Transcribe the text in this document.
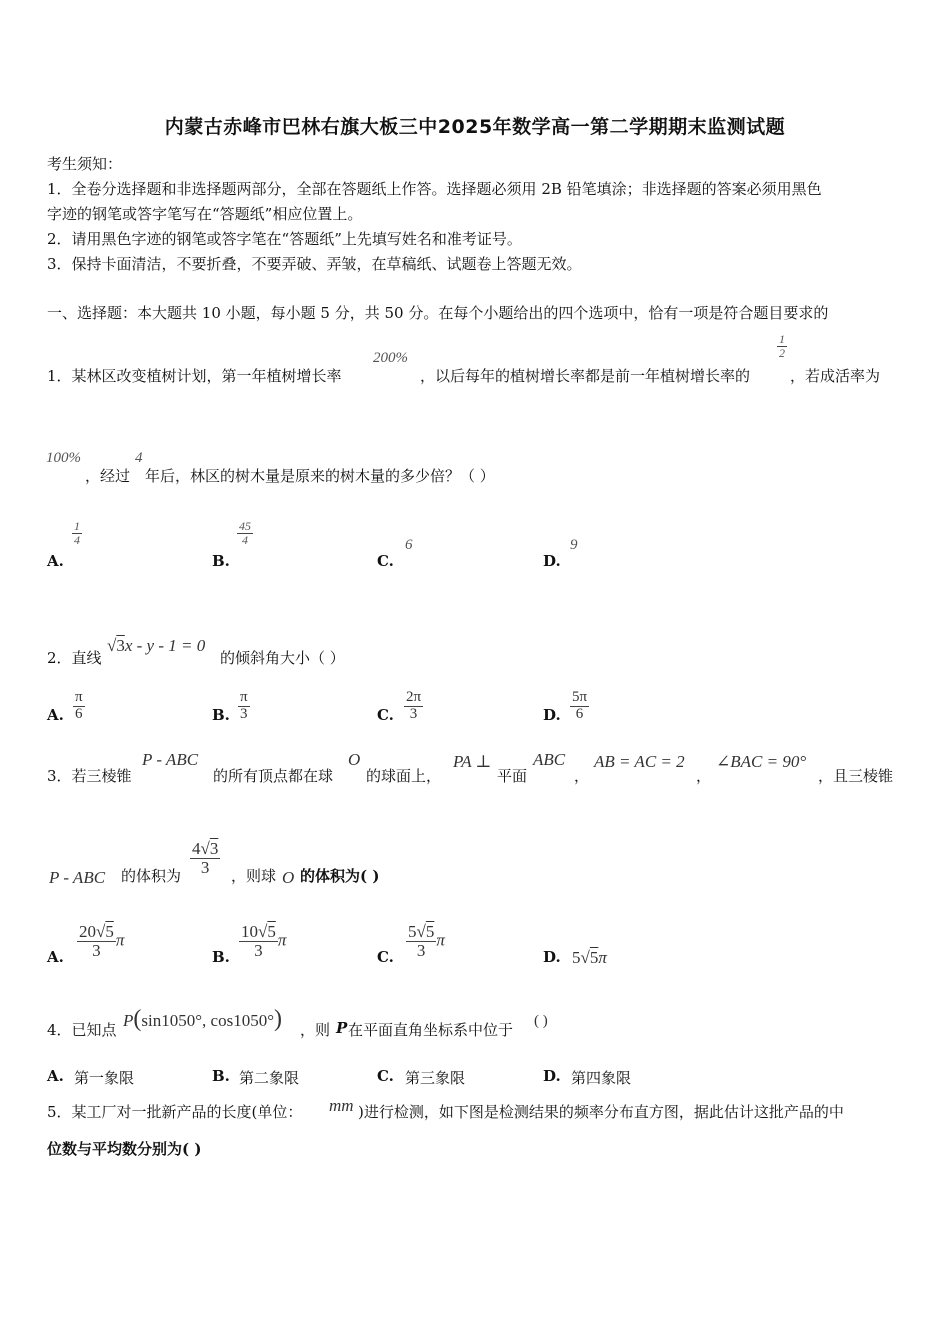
内蒙古赤峰市巴林右旗大板三中2025年数学高一第二学期期末监测试题
考生须知：
1．全卷分选择题和非选择题两部分，全部在答题纸上作答。选择题必须用 2B 铅笔填涂；非选择题的答案必须用黑色
字迹的钢笔或答字笔写在“答题纸”相应位置上。
2．请用黑色字迹的钢笔或答字笔在“答题纸”上先填写姓名和准考证号。
3．保持卡面清洁，不要折叠，不要弄破、弄皱，在草稿纸、试题卷上答题无效。
一、选择题：本大题共 10 小题，每小题 5 分，共 50 分。在每个小题给出的四个选项中，恰有一项是符合题目要求的
1．某林区改变植树计划，第一年植树增长率
200%
，以后每年的植树增长率都是前一年植树增长率的
$\frac{1}{2}$
，若成活率为
100%
，经过
4
年后，林区的树木量是原来的树木量的多少倍？（ ）
A.
$\frac{1}{4}$
B.
$\frac{45}{4}$
C.
6
D.
9
2．直线
√3x - y - 1 = 0
的倾斜角大小（ ）
A. $\frac{\pi}{6}$	B. $\frac{\pi}{3}$	C. $\frac{2\pi}{3}$	D. $\frac{5\pi}{6}$
3．若三棱锥
P - ABC
的所有顶点都在球
O
的球面上，
PA ⊥
平面
ABC
，
AB = AC = 2
，
∠BAC = 90°
，且三棱锥
P - ABC 的体积为 $\frac{4√3}{3}$ ，则球 O 的体积为( )
A. $\frac{20√5}{3}$ π
B. $\frac{10√5}{3}$ π
C. $\frac{5√5}{3}$ π
D. 5√5π
4．已知点 P(sin1050°, cos1050°) ，则 P 在平面直角坐标系中位于 ( )
A. 第一象限	B. 第二象限	C. 第三象限	D. 第四象限
5．某工厂对一批新产品的长度(单位： mm )进行检测，如下图是检测结果的频率分布直方图，据此估计这批产品的中
位数与平均数分别为( )
